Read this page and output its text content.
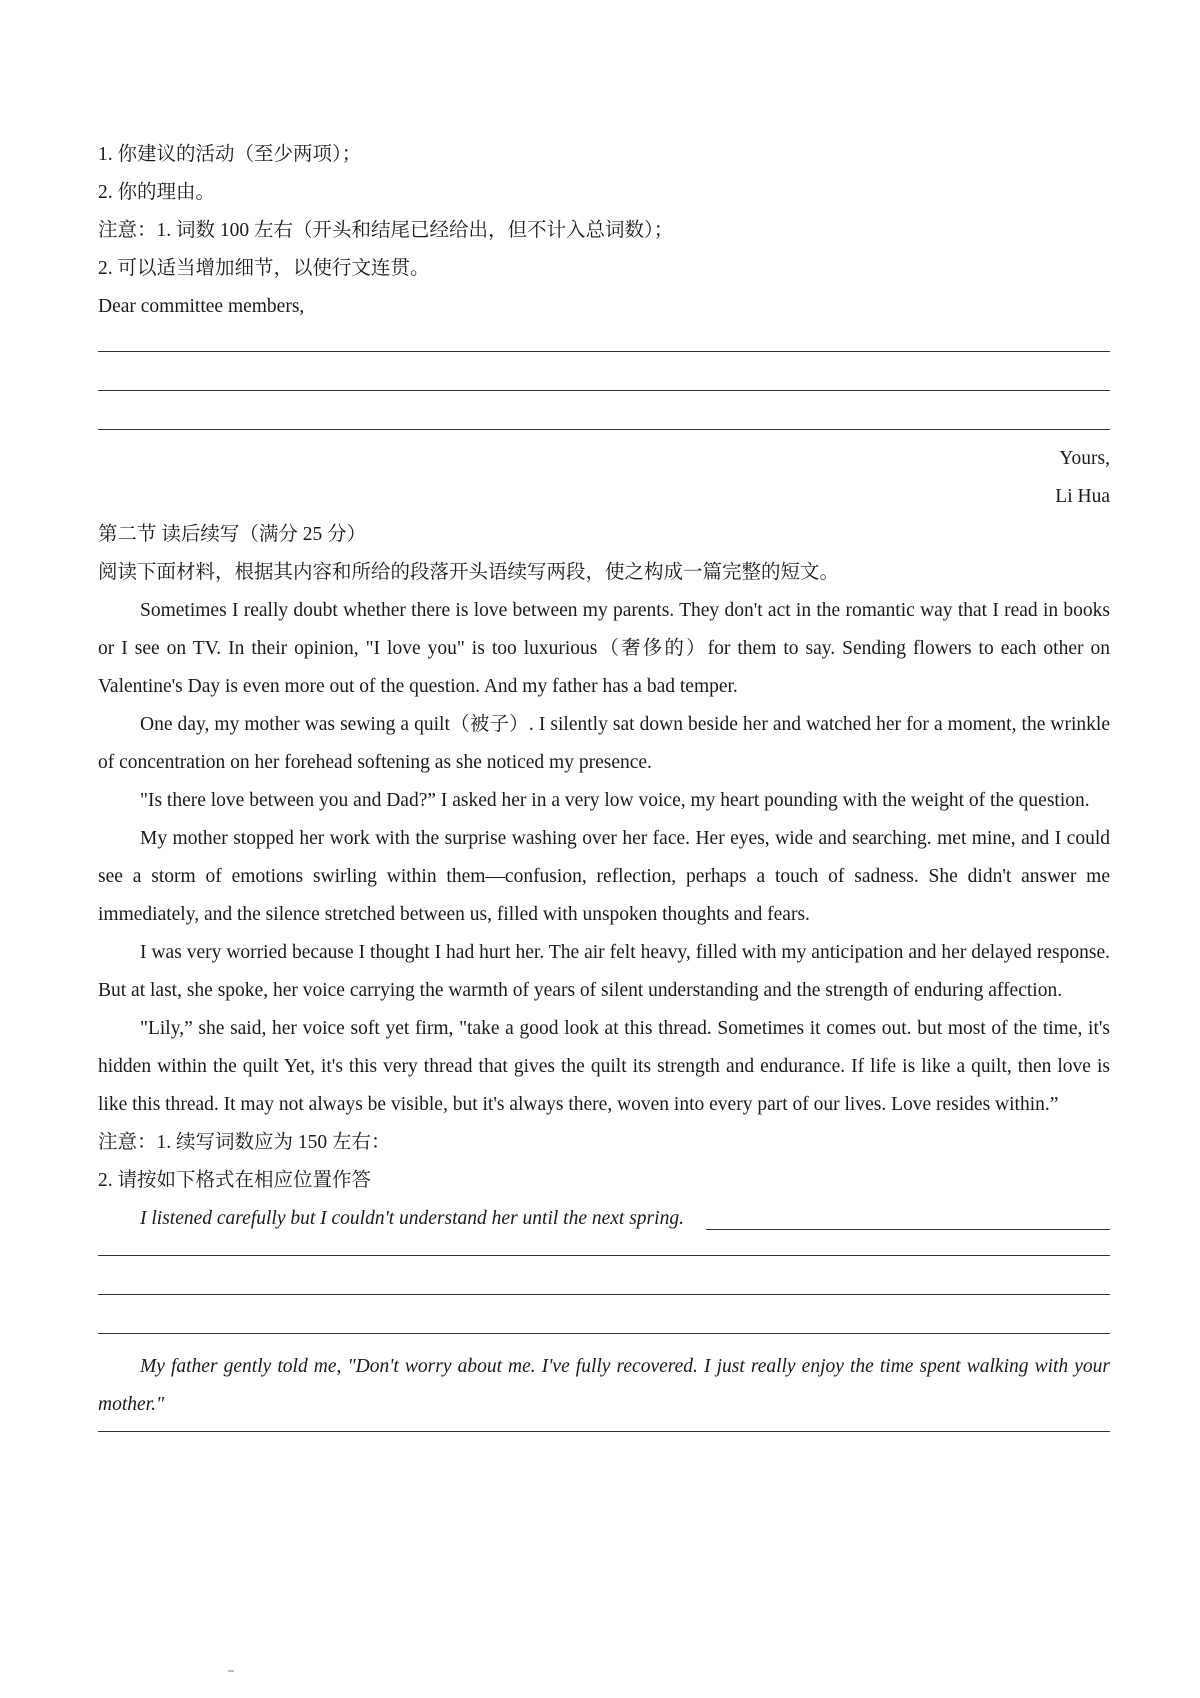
1. 你建议的活动（至少两项）；

2. 你的理由。

注意：1. 词数 100 左右（开头和结尾已经给出，但不计入总词数）；

2. 可以适当增加细节，以使行文连贯。

Dear committee members,

Yours,

Li Hua

第二节 读后续写（满分 25 分）

阅读下面材料，根据其内容和所给的段落开头语续写两段，使之构成一篇完整的短文。

Sometimes I really doubt whether there is love between my parents. They don't act in the romantic way that I read in books or I see on TV. In their opinion, "I love you" is too luxurious（奢侈的）for them to say. Sending flowers to each other on Valentine's Day is even more out of the question. And my father has a bad temper.

One day, my mother was sewing a quilt（被子）. I silently sat down beside her and watched her for a moment, the wrinkle of concentration on her forehead softening as she noticed my presence.

"Is there love between you and Dad?” I asked her in a very low voice, my heart pounding with the weight of the question.

My mother stopped her work with the surprise washing over her face. Her eyes, wide and searching. met mine, and I could see a storm of emotions swirling within them—confusion, reflection, perhaps a touch of sadness. She didn't answer me immediately, and the silence stretched between us, filled with unspoken thoughts and fears.

I was very worried because I thought I had hurt her. The air felt heavy, filled with my anticipation and her delayed response. But at last, she spoke, her voice carrying the warmth of years of silent understanding and the strength of enduring affection.

"Lily,” she said, her voice soft yet firm, "take a good look at this thread. Sometimes it comes out. but most of the time, it's hidden within the quilt Yet, it's this very thread that gives the quilt its strength and endurance. If life is like a quilt, then love is like this thread. It may not always be visible, but it's always there, woven into every part of our lives. Love resides within.”

注意：1. 续写词数应为 150 左右：

2. 请按如下格式在相应位置作答

I listened carefully but I couldn't understand her until the next spring.

My father gently told me, "Don't worry about me. I've fully recovered. I just really enjoy the time spent walking with your mother."
